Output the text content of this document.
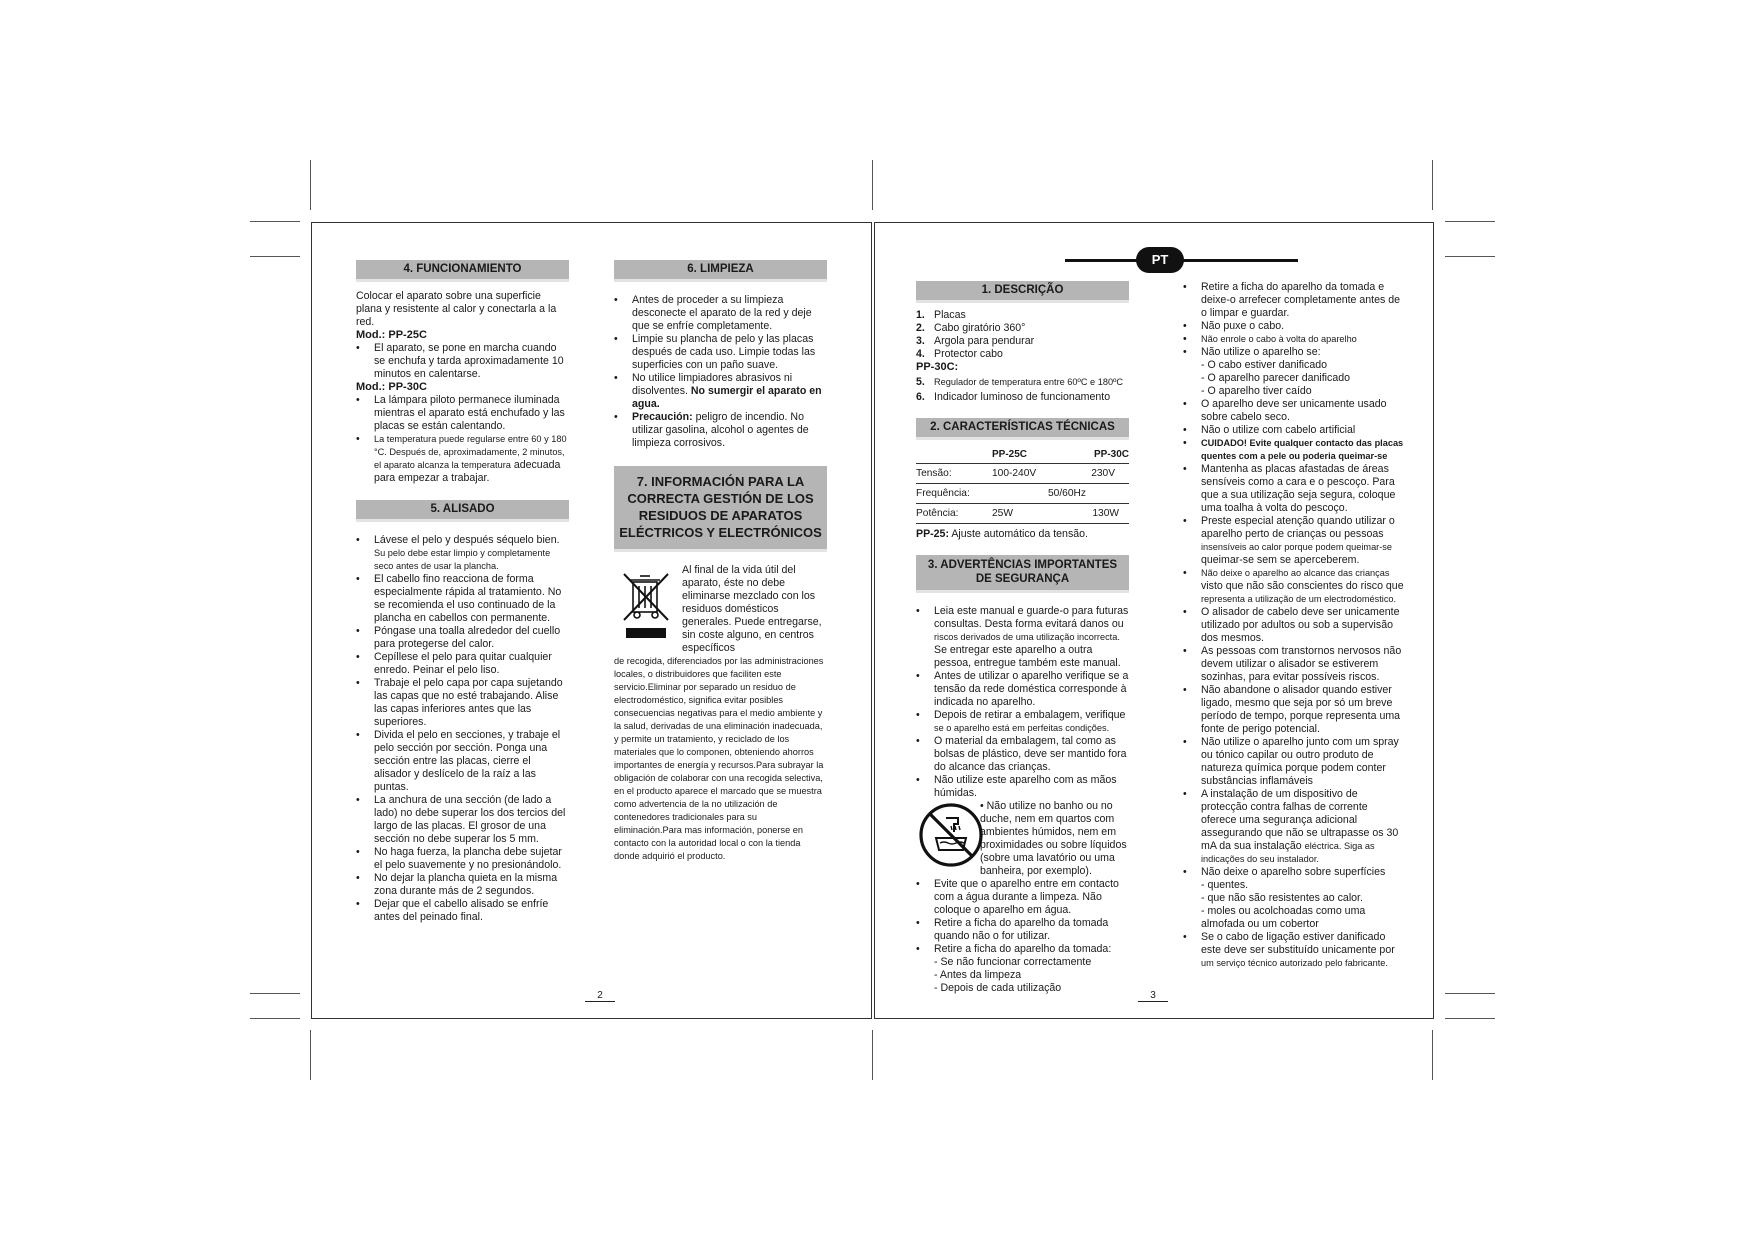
4. FUNCIONAMIENTO

Colocar el aparato sobre una superficie plana y resistente al calor y conectarla a la red.

Mod.: PP-25C

• El aparato, se pone en marcha cuando se enchufa y tarda aproximadamente 10 minutos en calentarse.

Mod.: PP-30C

• La lámpara piloto permanece iluminada mientras el aparato está enchufado y las placas se están calentando.
• La temperatura puede regularse entre 60 y 180 °C. Después de, aproximadamente, 2 minutos, el aparato alcanza la temperatura adecuada para empezar a trabajar.
5. ALISADO
• Lávese el pelo y después séquelo bien. Su pelo debe estar limpio y completamente seco antes de usar la plancha.
• El cabello fino reacciona de forma especialmente rápida al tratamiento. No se recomienda el uso continuado de la plancha en cabellos con permanente.
• Póngase una toalla alrededor del cuello para protegerse del calor.
• Cepíllese el pelo para quitar cualquier enredo. Peinar el pelo liso.
• Trabaje el pelo capa por capa sujetando las capas que no esté trabajando. Alise las capas inferiores antes que las superiores.
• Divida el pelo en secciones, y trabaje el pelo sección por sección. Ponga una sección entre las placas, cierre el alisador y deslícelo de la raíz a las puntas.
• La anchura de una sección (de lado a lado) no debe superar los dos tercios del largo de las placas. El grosor de una sección no debe superar los 5 mm.
• No haga fuerza, la plancha debe sujetar el pelo suavemente y no presionándolo.
• No dejar la plancha quieta en la misma zona durante más de 2 segundos.
• Dejar que el cabello alisado se enfríe antes del peinado final.
6. LIMPIEZA
• Antes de proceder a su limpieza desconecte el aparato de la red y deje que se enfríe completamente.
• Limpie su plancha de pelo y las placas después de cada uso. Limpie todas las superficies con un paño suave.
• No utilice limpiadores abrasivos ni disolventes. No sumergir el aparato en agua.
• Precaución: peligro de incendio. No utilizar gasolina, alcohol o agentes de limpieza corrosivos.
7. INFORMACIÓN PARA LA CORRECTA GESTIÓN DE LOS RESIDUOS DE APARATOS ELÉCTRICOS Y ELECTRÓNICOS

Al final de la vida útil del aparato, éste no debe eliminarse mezclado con los residuos domésticos generales. Puede entregarse, sin coste alguno, en centros específicos

de recogida, diferenciados por las administraciones locales, o distribuidores que faciliten este servicio.Eliminar por separado un residuo de electrodoméstico, significa evitar posibles consecuencias negativas para el medio ambiente y la salud, derivadas de una eliminación inadecuada, y permite un tratamiento, y reciclado de los materiales que lo componen, obteniendo ahorros importantes de energía y recursos.Para subrayar la obligación de colaborar con una recogida selectiva, en el producto aparece el marcado que se muestra como advertencia de la no utilización de contenedores tradicionales para su eliminación.Para mas información, ponerse en contacto con la autoridad local o con la tienda donde adquirió el producto.

2
PT
1. DESCRIÇÃO
1. Placas
2. Cabo giratório 360°
3. Argola para pendurar
4. Protector cabo

PP-30C:

5. Regulador de temperatura entre 60ºC e 180ºC
6. Indicador luminoso de funcionamento
2. CARACTERÍSTICAS TÉCNICAS
	PP-25C	PP-30C
Tensão:	100-240V	230V
Frequência:	50/60Hz	
Potência:	25W	130W

PP-25: Ajuste automático da tensão.

3. ADVERTÊNCIAS IMPORTANTES DE SEGURANÇA
• Leia este manual e guarde-o para futuras consultas. Desta forma evitará danos ou riscos derivados de uma utilização incorrecta. Se entregar este aparelho a outra pessoa, entregue também este manual.
• Antes de utilizar o aparelho verifique se a tensão da rede doméstica corresponde à indicada no aparelho.
• Depois de retirar a embalagem, verifique se o aparelho está em perfeitas condições.
• O material da embalagem, tal como as bolsas de plástico, deve ser mantido fora do alcance das crianças.
• Não utilize este aparelho com as mãos húmidas.

• Não utilize no banho ou no duche, nem em quartos com ambientes húmidos, nem em proximidades ou sobre líquidos (sobre uma lavatório ou uma banheira, por exemplo).

• Evite que o aparelho entre em contacto com a água durante a limpeza. Não coloque o aparelho em água.
• Retire a ficha do aparelho da tomada quando não o for utilizar.
• Retire a ficha do aparelho da tomada:
- Se não funcionar correctamente
- Antes da limpeza
- Depois de cada utilização
• Retire a ficha do aparelho da tomada e deixe-o arrefecer completamente antes de o limpar e guardar.
• Não puxe o cabo.
• Não enrole o cabo à volta do aparelho
• Não utilize o aparelho se:
- O cabo estiver danificado
- O aparelho parecer danificado
- O aparelho tiver caído
• O aparelho deve ser unicamente usado sobre cabelo seco.
• Não o utilize com cabelo artificial
• CUIDADO! Evite qualquer contacto das placas quentes com a pele ou poderia queimar-se
• Mantenha as placas afastadas de áreas sensíveis como a cara e o pescoço. Para que a sua utilização seja segura, coloque uma toalha à volta do pescoço.
• Preste especial atenção quando utilizar o aparelho perto de crianças ou pessoas insensíveis ao calor porque podem queimar-se queimar-se sem se aperceberem.
• Não deixe o aparelho ao alcance das crianças visto que não são conscientes do risco que representa a utilização de um electrodoméstico.
• O alisador de cabelo deve ser unicamente utilizado por adultos ou sob a supervisão dos mesmos.
• As pessoas com transtornos nervosos não devem utilizar o alisador se estiverem sozinhas, para evitar possíveis riscos.
• Não abandone o alisador quando estiver ligado, mesmo que seja por só um breve período de tempo, porque representa uma fonte de perigo potencial.
• Não utilize o aparelho junto com um spray ou tónico capilar ou outro produto de natureza química porque podem conter substâncias inflamáveis
• A instalação de um dispositivo de protecção contra falhas de corrente oferece uma segurança adicional assegurando que não se ultrapasse os 30 mA da sua instalação eléctrica. Siga as indicações do seu instalador.
• Não deixe o aparelho sobre superfícies
- quentes.
- que não são resistentes ao calor.
- moles ou acolchoadas como uma almofada ou um cobertor
• Se o cabo de ligação estiver danificado este deve ser substituído unicamente por um serviço técnico autorizado pelo fabricante.
3
